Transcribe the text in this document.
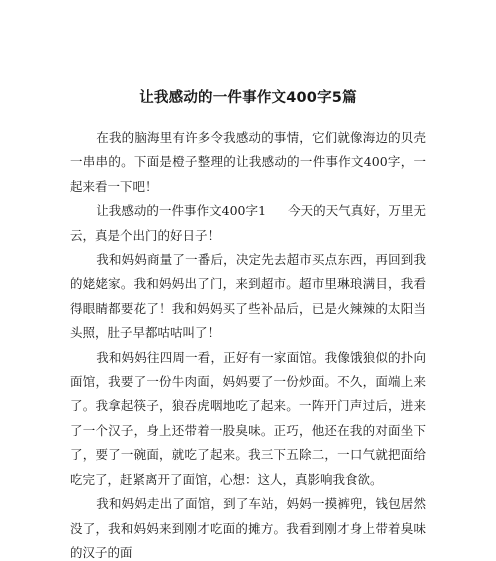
让我感动的一件事作文400字5篇

在我的脑海里有许多令我感动的事情，它们就像海边的贝壳一串串的。下面是橙子整理的让我感动的一件事作文400字，一起来看一下吧！

让我感动的一件事作文400字1 今天的天气真好，万里无云，真是个出门的好日子！

我和妈妈商量了一番后，决定先去超市买点东西，再回到我的姥姥家。我和妈妈出了门，来到超市。超市里琳琅满目，我看得眼睛都要花了！我和妈妈买了些补品后，已是火辣辣的太阳当头照，肚子早都咕咕叫了！

我和妈妈往四周一看，正好有一家面馆。我像饿狼似的扑向面馆，我要了一份牛肉面，妈妈要了一份炒面。不久，面端上来了。我拿起筷子，狼吞虎咽地吃了起来。一阵开门声过后，进来了一个汉子，身上还带着一股臭味。正巧，他还在我的对面坐下了，要了一碗面，就吃了起来。我三下五除二，一口气就把面给吃完了，赶紧离开了面馆，心想：这人，真影响我食欲。

我和妈妈走出了面馆，到了车站，妈妈一摸裤兜，钱包居然没了，我和妈妈来到刚才吃面的摊方。我看到刚才身上带着臭味的汉子的面
